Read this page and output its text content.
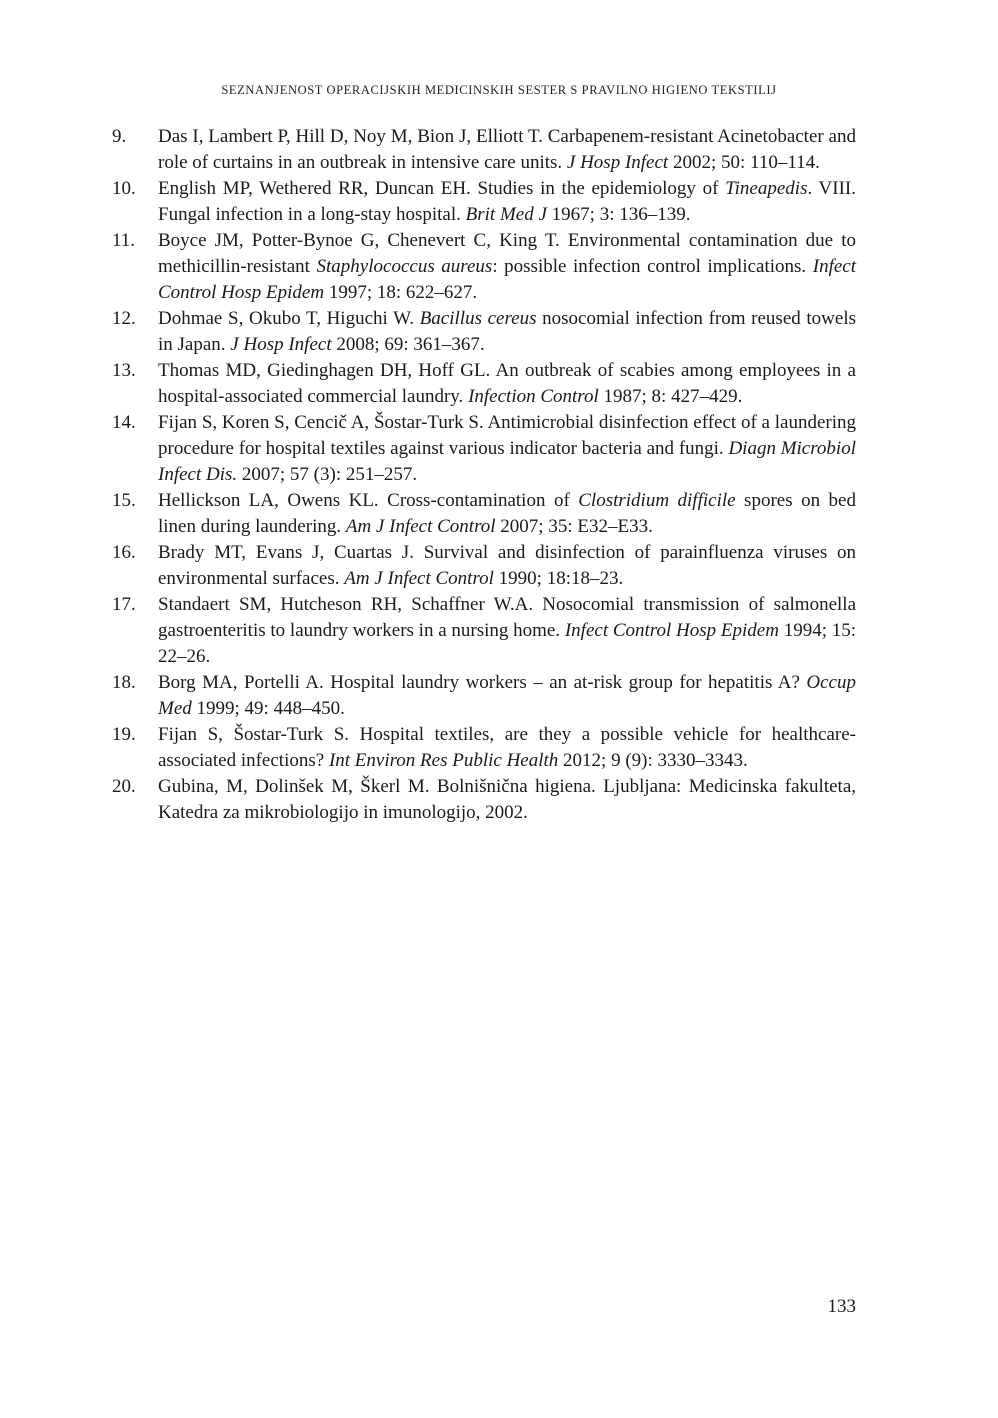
SEZNANJENOST OPERACIJSKIH MEDICINSKIH SESTER S PRAVILNO HIGIENO TEKSTILIJ
9. Das I, Lambert P, Hill D, Noy M, Bion J, Elliott T. Carbapenem-resistant Acinetobacter and role of curtains in an outbreak in intensive care units. J Hosp Infect 2002; 50: 110–114.
10. English MP, Wethered RR, Duncan EH. Studies in the epidemiology of Tineapedis. VIII. Fungal infection in a long-stay hospital. Brit Med J 1967; 3: 136–139.
11. Boyce JM, Potter-Bynoe G, Chenevert C, King T. Environmental contamination due to methicillin-resistant Staphylococcus aureus: possible infection control implications. Infect Control Hosp Epidem 1997; 18: 622–627.
12. Dohmae S, Okubo T, Higuchi W. Bacillus cereus nosocomial infection from reused towels in Japan. J Hosp Infect 2008; 69: 361–367.
13. Thomas MD, Giedinghagen DH, Hoff GL. An outbreak of scabies among employees in a hospital-associated commercial laundry. Infection Control 1987; 8: 427–429.
14. Fijan S, Koren S, Cencič A, Šostar-Turk S. Antimicrobial disinfection effect of a laundering procedure for hospital textiles against various indicator bacteria and fungi. Diagn Microbiol Infect Dis. 2007; 57 (3): 251–257.
15. Hellickson LA, Owens KL. Cross-contamination of Clostridium difficile spores on bed linen during laundering. Am J Infect Control 2007; 35: E32–E33.
16. Brady MT, Evans J, Cuartas J. Survival and disinfection of parainfluenza viruses on environmental surfaces. Am J Infect Control 1990; 18:18–23.
17. Standaert SM, Hutcheson RH, Schaffner W.A. Nosocomial transmission of salmonella gastroenteritis to laundry workers in a nursing home. Infect Control Hosp Epidem 1994; 15: 22–26.
18. Borg MA, Portelli A. Hospital laundry workers – an at-risk group for hepatitis A? Occup Med 1999; 49: 448–450.
19. Fijan S, Šostar-Turk S. Hospital textiles, are they a possible vehicle for healthcare-associated infections? Int Environ Res Public Health 2012; 9 (9): 3330–3343.
20. Gubina, M, Dolinšek M, Škerl M. Bolnišnična higiena. Ljubljana: Medicinska fakulteta, Katedra za mikrobiologijo in imunologijo, 2002.
133
